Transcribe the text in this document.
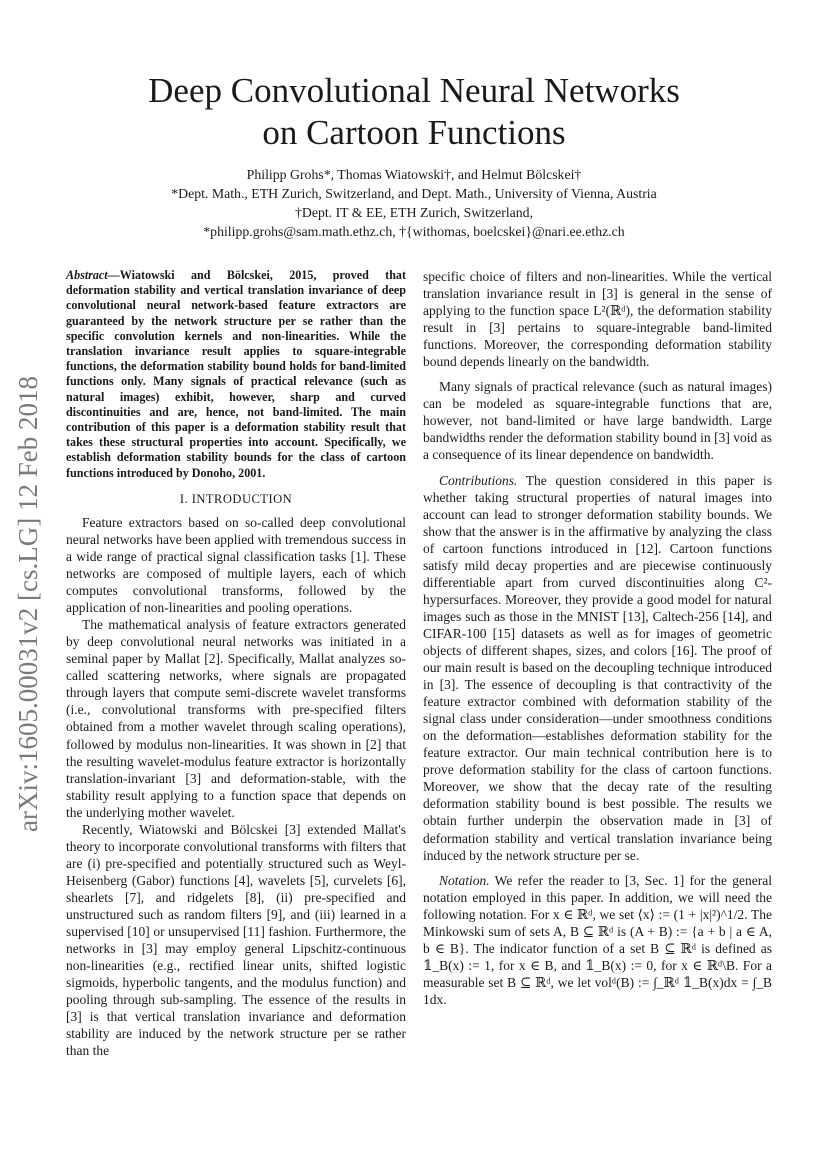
arXiv:1605.00031v2 [cs.LG] 12 Feb 2018
Deep Convolutional Neural Networks
on Cartoon Functions
Philipp Grohs*, Thomas Wiatowski†, and Helmut Bölcskei†
*Dept. Math., ETH Zurich, Switzerland, and Dept. Math., University of Vienna, Austria
†Dept. IT & EE, ETH Zurich, Switzerland,
*philipp.grohs@sam.math.ethz.ch, †{withomas, boelcskei}@nari.ee.ethz.ch

Abstract—Wiatowski and Bölcskei, 2015, proved that deformation stability and vertical translation invariance of deep convolutional neural network-based feature extractors are guaranteed by the network structure per se rather than the specific convolution kernels and non-linearities. While the translation invariance result applies to square-integrable functions, the deformation stability bound holds for band-limited functions only. Many signals of practical relevance (such as natural images) exhibit, however, sharp and curved discontinuities and are, hence, not band-limited. The main contribution of this paper is a deformation stability result that takes these structural properties into account. Specifically, we establish deformation stability bounds for the class of cartoon functions introduced by Donoho, 2001.

I. INTRODUCTION

Feature extractors based on so-called deep convolutional neural networks have been applied with tremendous success in a wide range of practical signal classification tasks [1]. These networks are composed of multiple layers, each of which computes convolutional transforms, followed by the application of non-linearities and pooling operations.

The mathematical analysis of feature extractors generated by deep convolutional neural networks was initiated in a seminal paper by Mallat [2]. Specifically, Mallat analyzes so-called scattering networks, where signals are propagated through layers that compute semi-discrete wavelet transforms (i.e., convolutional transforms with pre-specified filters obtained from a mother wavelet through scaling operations), followed by modulus non-linearities. It was shown in [2] that the resulting wavelet-modulus feature extractor is horizontally translation-invariant [3] and deformation-stable, with the stability result applying to a function space that depends on the underlying mother wavelet.

Recently, Wiatowski and Bölcskei [3] extended Mallat's theory to incorporate convolutional transforms with filters that are (i) pre-specified and potentially structured such as Weyl-Heisenberg (Gabor) functions [4], wavelets [5], curvelets [6], shearlets [7], and ridgelets [8], (ii) pre-specified and unstructured such as random filters [9], and (iii) learned in a supervised [10] or unsupervised [11] fashion. Furthermore, the networks in [3] may employ general Lipschitz-continuous non-linearities (e.g., rectified linear units, shifted logistic sigmoids, hyperbolic tangents, and the modulus function) and pooling through sub-sampling. The essence of the results in [3] is that vertical translation invariance and deformation stability are induced by the network structure per se rather than the

specific choice of filters and non-linearities. While the vertical translation invariance result in [3] is general in the sense of applying to the function space L²(ℝᵈ), the deformation stability result in [3] pertains to square-integrable band-limited functions. Moreover, the corresponding deformation stability bound depends linearly on the bandwidth.

Many signals of practical relevance (such as natural images) can be modeled as square-integrable functions that are, however, not band-limited or have large bandwidth. Large bandwidths render the deformation stability bound in [3] void as a consequence of its linear dependence on bandwidth.

Contributions. The question considered in this paper is whether taking structural properties of natural images into account can lead to stronger deformation stability bounds. We show that the answer is in the affirmative by analyzing the class of cartoon functions introduced in [12]. Cartoon functions satisfy mild decay properties and are piecewise continuously differentiable apart from curved discontinuities along C²-hypersurfaces. Moreover, they provide a good model for natural images such as those in the MNIST [13], Caltech-256 [14], and CIFAR-100 [15] datasets as well as for images of geometric objects of different shapes, sizes, and colors [16]. The proof of our main result is based on the decoupling technique introduced in [3]. The essence of decoupling is that contractivity of the feature extractor combined with deformation stability of the signal class under consideration—under smoothness conditions on the deformation—establishes deformation stability for the feature extractor. Our main technical contribution here is to prove deformation stability for the class of cartoon functions. Moreover, we show that the decay rate of the resulting deformation stability bound is best possible. The results we obtain further underpin the observation made in [3] of deformation stability and vertical translation invariance being induced by the network structure per se.

Notation. We refer the reader to [3, Sec. 1] for the general notation employed in this paper. In addition, we will need the following notation. For x ∈ ℝᵈ, we set ⟨x⟩ := (1 + |x|²)^1/2. The Minkowski sum of sets A, B ⊆ ℝᵈ is (A + B) := {a + b | a ∈ A, b ∈ B}. The indicator function of a set B ⊆ ℝᵈ is defined as 𝟙_B(x) := 1, for x ∈ B, and 𝟙_B(x) := 0, for x ∈ ℝᵈ\B. For a measurable set B ⊆ ℝᵈ, we let volᵈ(B) := ∫_ℝᵈ 𝟙_B(x)dx = ∫_B 1dx.
